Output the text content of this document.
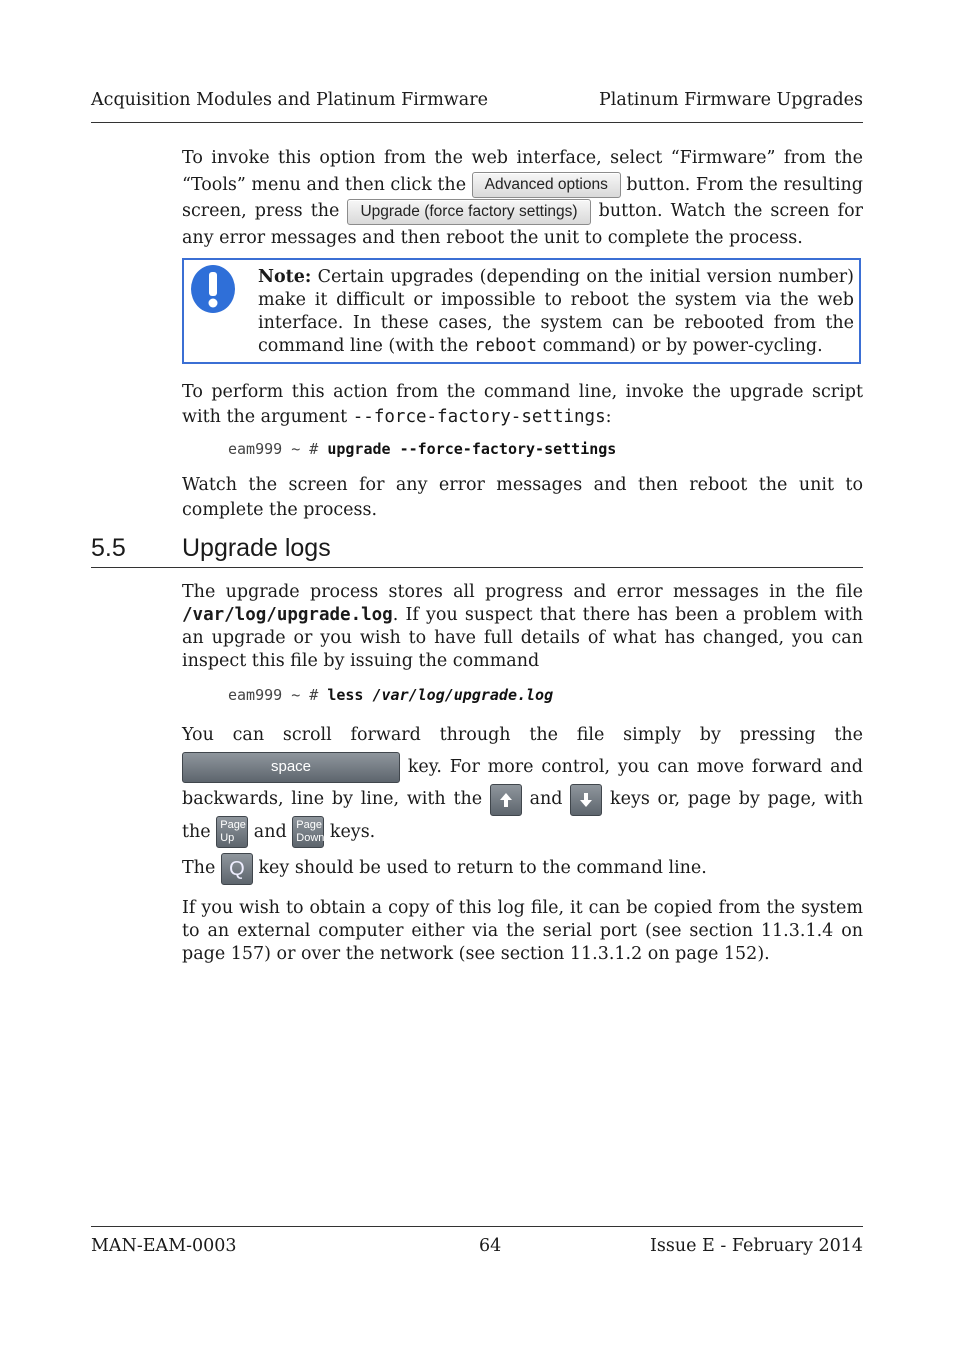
Acquisition Modules and Platinum Firmware	Platinum Firmware Upgrades
To invoke this option from the web interface, select “Firmware” from the “Tools” menu and then click the Advanced options button. From the resulting screen, press the Upgrade (force factory settings) button. Watch the screen for any error messages and then reboot the unit to complete the process.
Note: Certain upgrades (depending on the initial version number) make it difficult or impossible to reboot the system via the web interface. In these cases, the system can be rebooted from the command line (with the reboot command) or by power-cycling.
To perform this action from the command line, invoke the upgrade script with the argument --force-factory-settings:
eam999 ~ # upgrade --force-factory-settings
Watch the screen for any error messages and then reboot the unit to complete the process.
5.5 Upgrade logs
The upgrade process stores all progress and error messages in the file /var/log/upgrade.log. If you suspect that there has been a problem with an upgrade or you wish to have full details of what has changed, you can inspect this file by issuing the command
eam999 ~ # less /var/log/upgrade.log
You can scroll forward through the file simply by pressing the space	key. For more control, you can move forward and backwards, line by line, with the
and
keys or, page by page, with the Page
Up and Page
Down keys.
The Q key should be used to return to the command line.
If you wish to obtain a copy of this log file, it can be copied from the system to an external computer either via the serial port (see section 11.3.1.4 on page 157) or over the network (see section 11.3.1.2 on page 152).
MAN-EAM-0003	64	Issue E - February 2014
